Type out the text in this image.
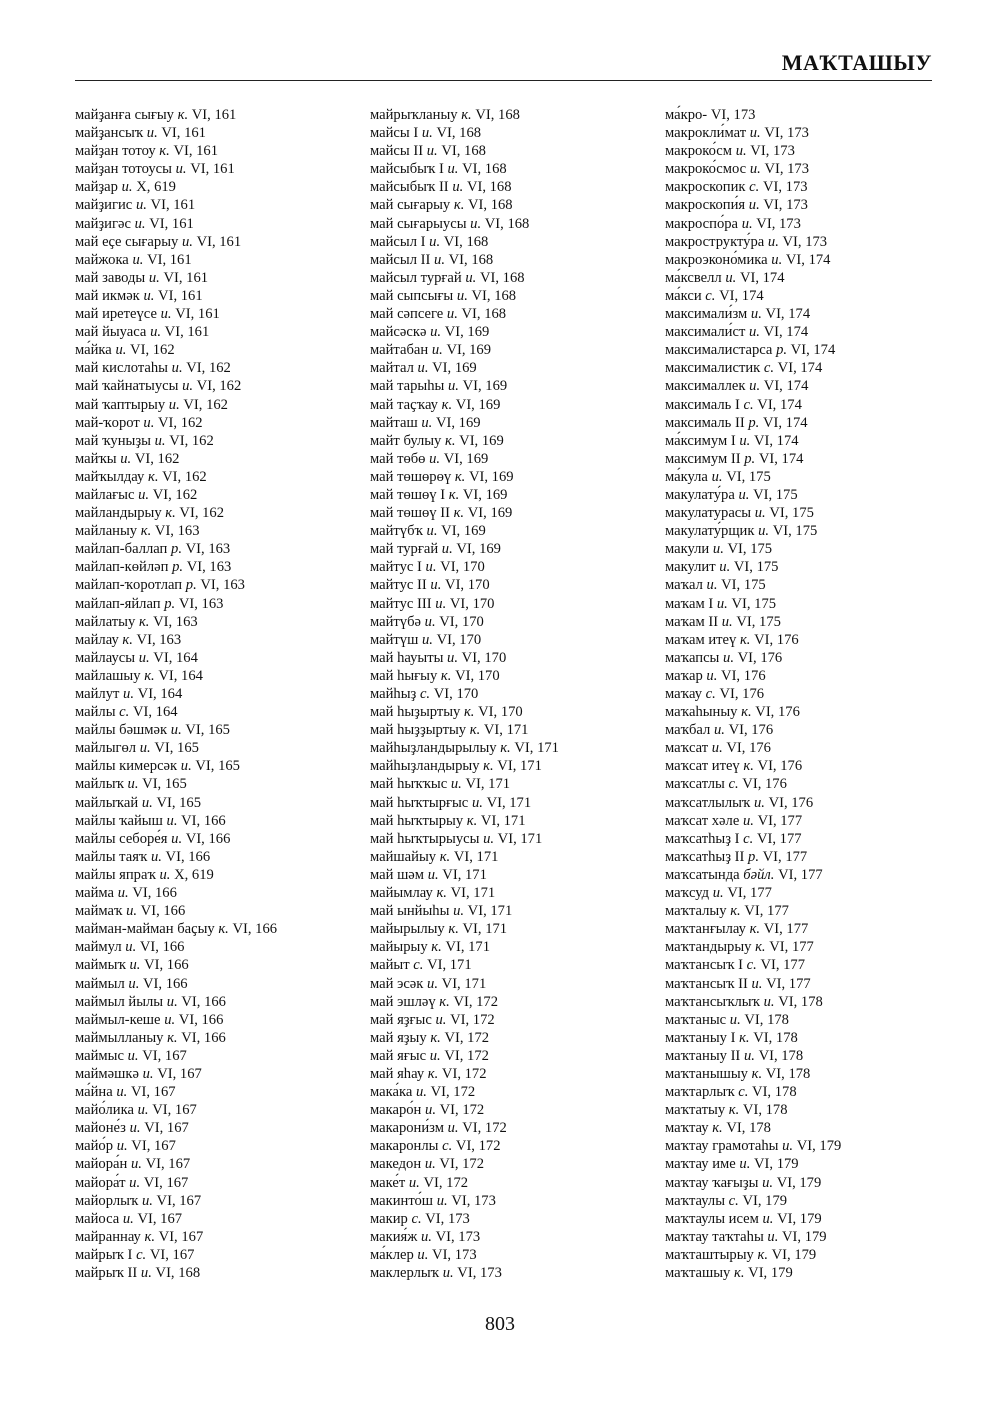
МАҠТАШЫУ
майҙанға сығыу к. VI, 161
майҙансыҡ и. VI, 161
майҙан тотоу к. VI, 161
майҙан тотоусы и. VI, 161
майҙар и. X, 619
майҙигис и. VI, 161
майҙигәс и. VI, 161
май еҫе сығарыу и. VI, 161
майжока и. VI, 161
май заводы и. VI, 161
май икмәк и. VI, 161
май иретеүсе и. VI, 161
май йыуаса и. VI, 161
ма́йка и. VI, 162
май кислотаһы и. VI, 162
май ҡайнатыусы и. VI, 162
май ҡаптырыу и. VI, 162
май-ҡорот и. VI, 162
май ҡуныҙы и. VI, 162
майҡы и. VI, 162
майҡылдау к. VI, 162
майлағыс и. VI, 162
майландырыу к. VI, 162
майланыу к. VI, 163
майлап-баллап р. VI, 163
майлап-көйләп р. VI, 163
майлап-ҡоротлап р. VI, 163
майлап-яйлап р. VI, 163
майлатыу к. VI, 163
майлау к. VI, 163
майлаусы и. VI, 164
майлашыу к. VI, 164
майлут и. VI, 164
майлы с. VI, 164
майлы бәшмәк и. VI, 165
майлыгөл и. VI, 165
майлы кимерсәк и. VI, 165
майлыҡ и. VI, 165
майлыҡай и. VI, 165
майлы ҡайыш и. VI, 166
майлы себоре́я и. VI, 166
майлы таяҡ и. VI, 166
майлы япраҡ и. X, 619
майма и. VI, 166
маймаҡ и. VI, 166
майман-майман баҫыу к. VI, 166
маймул и. VI, 166
маймыҡ и. VI, 166
маймыл и. VI, 166
маймыл йылы и. VI, 166
маймыл-кеше и. VI, 166
маймылланыу к. VI, 166
маймыс и. VI, 167
маймәшкә и. VI, 167
ма́йна и. VI, 167
майо́лика и. VI, 167
майоне́з и. VI, 167
майо́р и. VI, 167
майора́н и. VI, 167
майора́т и. VI, 167
майорлыҡ и. VI, 167
майоса и. VI, 167
майраннау к. VI, 167
майрыҡ I с. VI, 167
майрыҡ II и. VI, 168
майрыҡланыу к. VI, 168
майсы I и. VI, 168
майсы II и. VI, 168
майсыбыҡ I и. VI, 168
майсыбыҡ II и. VI, 168
май сығарыу к. VI, 168
май сығарыусы и. VI, 168
майсыл I и. VI, 168
майсыл II и. VI, 168
майсыл турғай и. VI, 168
май сыпсығы и. VI, 168
май сәпсеге и. VI, 168
майсәскә и. VI, 169
майтабан и. VI, 169
майтал и. VI, 169
май тарыһы и. VI, 169
май таҫҡау к. VI, 169
майташ и. VI, 169
майт булыу к. VI, 169
май төбө и. VI, 169
май төшөрөү к. VI, 169
май төшөү I к. VI, 169
май төшөү II к. VI, 169
майтүбҡ и. VI, 169
май турғай и. VI, 169
майтус I и. VI, 170
майтус II и. VI, 170
майтус III и. VI, 170
майтүбә и. VI, 170
майтүш и. VI, 170
май һауыты и. VI, 170
май һығыу к. VI, 170
майһыҙ с. VI, 170
май һыҙыртыу к. VI, 170
май һыҙҙыртыу к. VI, 171
майһыҙландырылыу к. VI, 171
майһыҙландырыу к. VI, 171
май һыҡҡыс и. VI, 171
май һыҡтырғыс и. VI, 171
май һыҡтырыу к. VI, 171
май һыҡтырыусы и. VI, 171
майшайыу к. VI, 171
май шәм и. VI, 171
майымлау к. VI, 171
май ынйыһы и. VI, 171
майырылыу к. VI, 171
майырыу к. VI, 171
майыт с. VI, 171
май эсәк и. VI, 171
май эшләү к. VI, 172
май яҙғыс и. VI, 172
май яҙыу к. VI, 172
май яғыс и. VI, 172
май яһау к. VI, 172
мака́ка и. VI, 172
макаро́н и. VI, 172
макарони́зм и. VI, 172
макаронлы с. VI, 172
македон и. VI, 172
маке́т и. VI, 172
макинто́ш и. VI, 173
макир с. VI, 173
макия́ж и. VI, 173
ма́клер и. VI, 173
маклерлыҡ и. VI, 173
ма́кро- VI, 173
макрокли́мат и. VI, 173
макроко́см и. VI, 173
макроко́смос и. VI, 173
макроскопик с. VI, 173
макроскопи́я и. VI, 173
макроспо́ра и. VI, 173
макрострукту́ра и. VI, 173
макроэконо́мика и. VI, 174
ма́ксвелл и. VI, 174
ма́кси с. VI, 174
максимали́зм и. VI, 174
максимали́ст и. VI, 174
максималистарса р. VI, 174
максималистик с. VI, 174
максималлек и. VI, 174
максималь I с. VI, 174
максималь II р. VI, 174
ма́ксимум I и. VI, 174
максимум II р. VI, 174
ма́кула и. VI, 175
макулату́ра и. VI, 175
макулатурасы и. VI, 175
макулату́рщик и. VI, 175
макули и. VI, 175
макулит и. VI, 175
маҡал и. VI, 175
маҡам I и. VI, 175
маҡам II и. VI, 175
маҡам итеү к. VI, 176
маҡапсы и. VI, 176
маҡар и. VI, 176
маҡау с. VI, 176
маҡаһыныу к. VI, 176
маҡбал и. VI, 176
маҡсат и. VI, 176
маҡсат итеү к. VI, 176
маҡсатлы с. VI, 176
маҡсатлылыҡ и. VI, 176
маҡсат хәле и. VI, 177
маҡсатһыҙ I с. VI, 177
маҡсатһыҙ II р. VI, 177
маҡсатында бәйл. VI, 177
маҡсуд и. VI, 177
маҡталыу к. VI, 177
маҡтанғылау к. VI, 177
маҡтандырыу к. VI, 177
маҡтансыҡ I с. VI, 177
маҡтансыҡ II и. VI, 177
маҡтансыҡлыҡ и. VI, 178
маҡтаныс и. VI, 178
маҡтаныу I к. VI, 178
маҡтаныу II и. VI, 178
маҡтанышыу к. VI, 178
маҡтарлыҡ с. VI, 178
маҡтатыу к. VI, 178
маҡтау к. VI, 178
маҡтау грамотаһы и. VI, 179
маҡтау име и. VI, 179
маҡтау ҡағыҙы и. VI, 179
маҡтаулы с. VI, 179
маҡтаулы исем и. VI, 179
маҡтау таҡтаһы и. VI, 179
маҡташтырыу к. VI, 179
маҡташыу к. VI, 179
803
